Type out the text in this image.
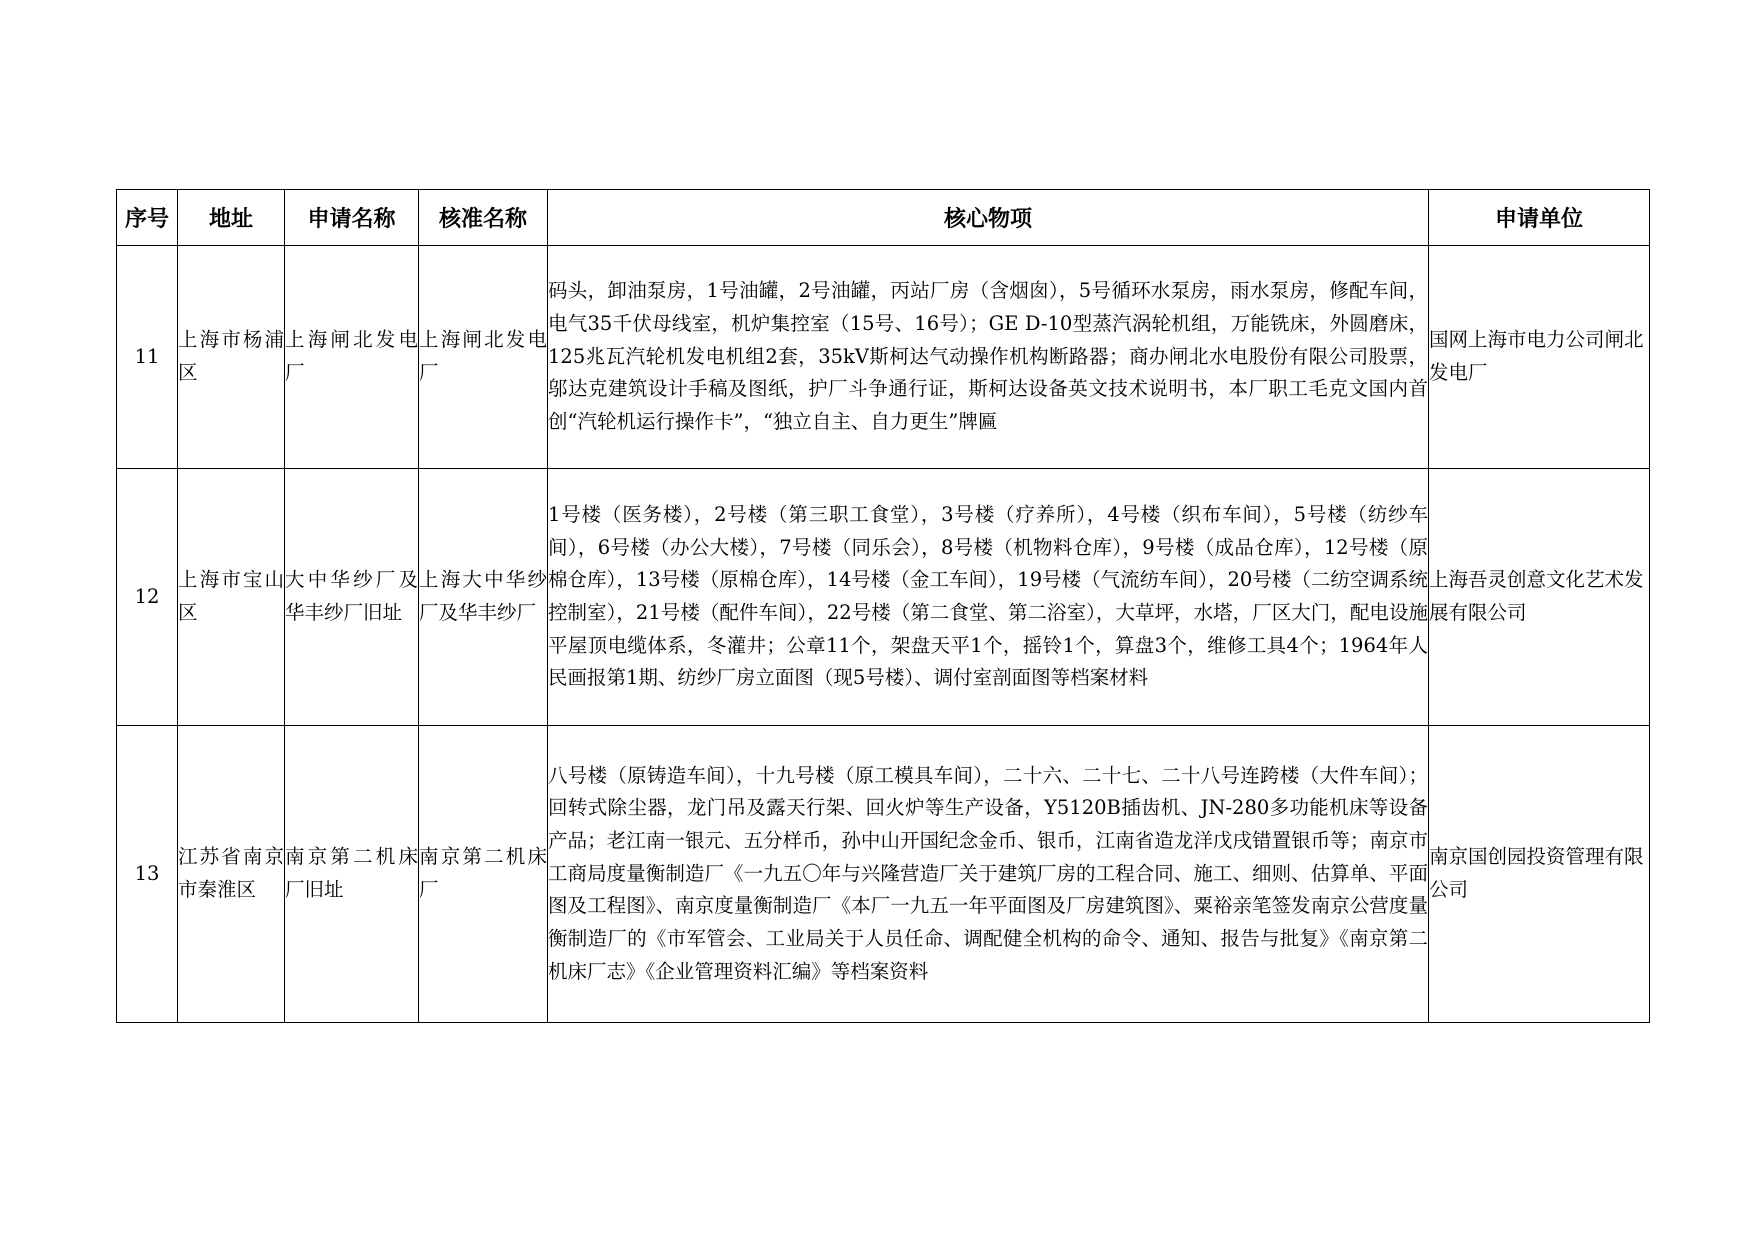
序号	地址	申请名称	核准名称	核心物项	申请单位
11	上海市杨浦区	上海闸北发电厂	上海闸北发电厂	码头，卸油泵房，1号油罐，2号油罐，丙站厂房（含烟囱），5号循环水泵房，雨水泵房，修配车间，电气35千伏母线室，机炉集控室（15号、16号）；GE D-10型蒸汽涡轮机组，万能铣床，外圆磨床，125兆瓦汽轮机发电机组2套，35kV斯柯达气动操作机构断路器；商办闸北水电股份有限公司股票，邬达克建筑设计手稿及图纸，护厂斗争通行证，斯柯达设备英文技术说明书，本厂职工毛克文国内首创“汽轮机运行操作卡”，“独立自主、自力更生”牌匾	国网上海市电力公司闸北发电厂
12	上海市宝山区	大中华纱厂及华丰纱厂旧址	上海大中华纱厂及华丰纱厂	1号楼（医务楼），2号楼（第三职工食堂），3号楼（疗养所），4号楼（织布车间），5号楼（纺纱车间），6号楼（办公大楼），7号楼（同乐会），8号楼（机物料仓库），9号楼（成品仓库），12号楼（原棉仓库），13号楼（原棉仓库），14号楼（金工车间），19号楼（气流纺车间），20号楼（二纺空调系统控制室），21号楼（配件车间），22号楼（第二食堂、第二浴室），大草坪，水塔，厂区大门，配电设施平屋顶电缆体系，冬灌井；公章11个，架盘天平1个，摇铃1个，算盘3个，维修工具4个；1964年人民画报第1期、纺纱厂房立面图（现5号楼）、调付室剖面图等档案材料	上海吾灵创意文化艺术发展有限公司
13	江苏省南京市秦淮区	南京第二机床厂旧址	南京第二机床厂	八号楼（原铸造车间），十九号楼（原工模具车间），二十六、二十七、二十八号连跨楼（大件车间）；回转式除尘器，龙门吊及露天行架、回火炉等生产设备，Y5120B插齿机、JN-280多功能机床等设备产品；老江南一银元、五分样币，孙中山开国纪念金币、银币，江南省造龙洋戊戌错置银币等；南京市工商局度量衡制造厂《一九五〇年与兴隆营造厂关于建筑厂房的工程合同、施工、细则、估算单、平面图及工程图》、南京度量衡制造厂《本厂一九五一年平面图及厂房建筑图》、粟裕亲笔签发南京公营度量衡制造厂的《市军管会、工业局关于人员任命、调配健全机构的命令、通知、报告与批复》《南京第二机床厂志》《企业管理资料汇编》等档案资料	南京国创园投资管理有限公司
